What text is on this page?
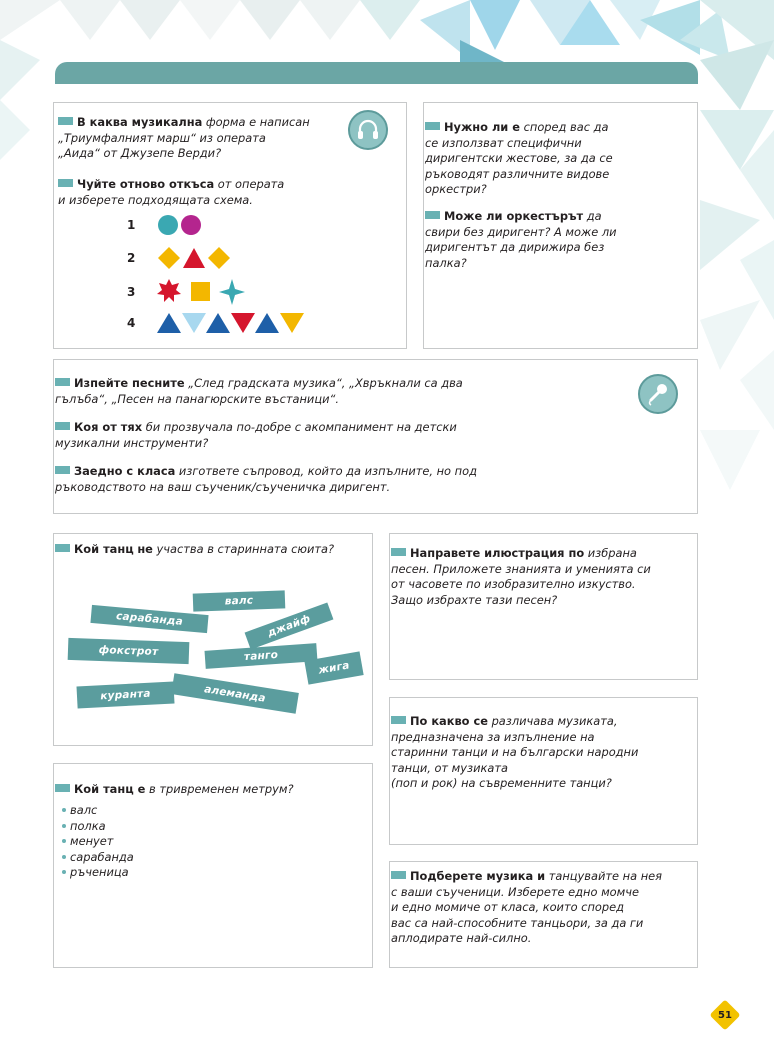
В каква музикална форма е написан
„Триумфалният марш“ из операта
„Аида“ от Джузепе Верди?
Чуйте отново откъса от операта
и изберете подходящата схема.
1
2
3
4
Нужно ли е според вас да
се използват специфични
диригентски жестове, за да се
ръководят различните видове
оркестри?
Може ли оркестърът да
свири без диригент? А може ли
диригентът да дирижира без
палка?
Изпейте песните „След градската музика“, „Хвръкнали са два
гълъба“, „Песен на панагюрските въстаници“.
Коя от тях би прозвучала по-добре с акомпанимент на детски
музикални инструменти?
Заедно с класа изгответе съпровод, който да изпълните, но под
ръководството на ваш съученик/съученичка диригент.
Кой танц не участва в старинната сюита?
валс
сарабанда	джайф
фокстрот	танго
жига
куранта	алеманда
Кой танц е в тривременен метрум?
валс
полка
менует
сарабанда
ръченица
Направете илюстрация по избрана
песен. Приложете знанията и уменията си
от часовете по изобразително изкуство.
Защо избрахте тази песен?
По какво се различава музиката,
предназначена за изпълнение на
старинни танци и на български народни
танци, от музиката
(поп и рок) на съвременните танци?
Подберете музика и танцувайте на нея
с ваши съученици. Изберете едно момче
и едно момиче от класа, които според
вас са най-способните танцьори, за да ги
аплодирате най-силно.
51
